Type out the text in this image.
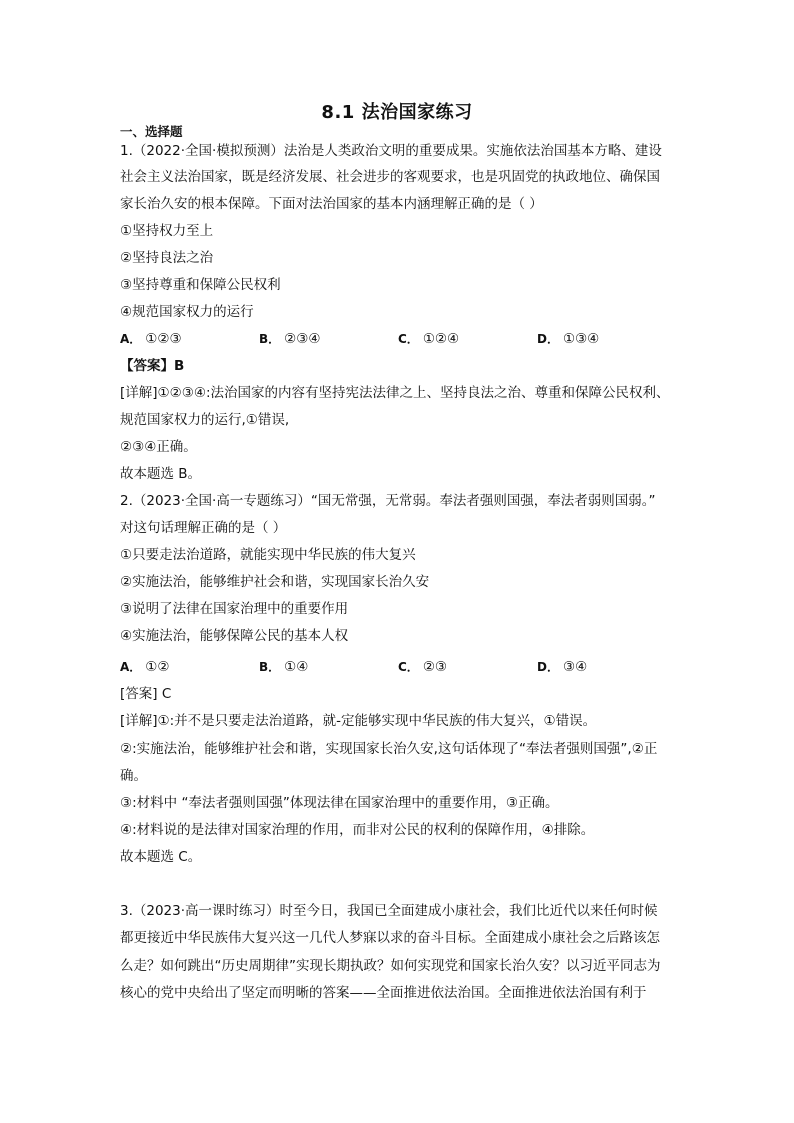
8.1 法治国家练习
一、选择题
1.（2022·全国·模拟预测）法治是人类政治文明的重要成果。实施依法治国基本方略、建设
社会主义法治国家，既是经济发展、社会进步的客观要求，也是巩固党的执政地位、确保国
家长治久安的根本保障。下面对法治国家的基本内涵理解正确的是（ ）
①坚持权力至上
②坚持良法之治
③坚持尊重和保障公民权利
④规范国家权力的运行
A． ①②③	B． ②③④	C． ①②④	D． ①③④
【答案】B
[详解]①②③④:法治国家的内容有坚持宪法法律之上、坚持良法之治、尊重和保障公民权利、
规范国家权力的运行,①错误,
②③④正确。
故本题选 B。
2.（2023·全国·高一专题练习）“国无常强，无常弱。奉法者强则国强，奉法者弱则国弱。”
对这句话理解正确的是（ ）
①只要走法治道路，就能实现中华民族的伟大复兴
②实施法治，能够维护社会和谐，实现国家长治久安
③说明了法律在国家治理中的重要作用
④实施法治，能够保障公民的基本人权
A． ①②	B． ①④	C． ②③	D． ③④
[答案] C
[详解]①:并不是只要走法治道路，就-定能够实现中华民族的伟大复兴，①错误。
②:实施法治，能够维护社会和谐，实现国家长治久安,这句话体现了“奉法者强则国强”,②正
确。
③:材料中 “奉法者强则国强”体现法律在国家治理中的重要作用，③正确。
④:材料说的是法律对国家治理的作用，而非对公民的权利的保障作用，④排除。
故本题选 C。
3.（2023·高一课时练习）时至今日，我国已全面建成小康社会，我们比近代以来任何时候
都更接近中华民族伟大复兴这一几代人梦寐以求的奋斗目标。全面建成小康社会之后路该怎
么走？如何跳出“历史周期律”实现长期执政？如何实现党和国家长治久安？以习近平同志为
核心的党中央给出了坚定而明晰的答案——全面推进依法治国。全面推进依法治国有利于
